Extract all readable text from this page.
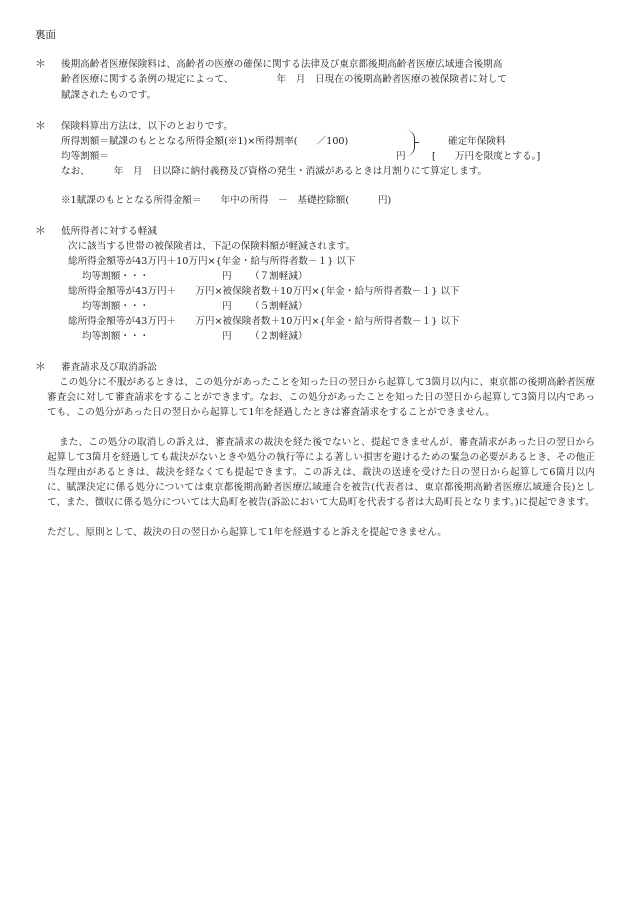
裏面
＊ 後期高齢者医療保険料は、高齢者の医療の確保に関する法律及び東京都後期高齢者医療広域連合後期高
齢者医療に関する条例の規定によって、　　　　　年　月　日現在の後期高齢者医療の被保険者に対して
賦課されたものです。
＊ 保険料算出方法は、以下のとおりです。
所得割額＝賦課のもととなる所得金額(※1)×所得割率(　　／100)	確定年保険料
均等割額＝	円	[　　万円を限度とする。]
なお、　　　年　月　日以降に納付義務及び資格の発生・消滅があるときは月割りにて算定します。
※1賦課のもととなる所得金額＝　　年中の所得　－　基礎控除額(　　　円)
＊ 低所得者に対する軽減
次に該当する世帯の被保険者は、下記の保険料額が軽減されます。
総所得金額等が43万円＋10万円×{年金・給与所得者数－１} 以下
均等割額・・・	円 （７割軽減）
総所得金額等が43万円＋　　万円×被保険者数＋10万円×{年金・給与所得者数－１} 以下
均等割額・・・	円 （５割軽減）
総所得金額等が43万円＋　　万円×被保険者数＋10万円×{年金・給与所得者数－１} 以下
均等割額・・・	円 （２割軽減）
＊ 審査請求及び取消訴訟
この処分に不服があるときは、この処分があったことを知った日の翌日から起算して3箇月以内に、東京都の後期高齢者医療審査会に対して審査請求をすることができます。なお、この処分があったことを知った日の翌日から起算して3箇月以内であっても、この処分があった日の翌日から起算して1年を経過したときは審査請求をすることができません。
また、この処分の取消しの訴えは、審査請求の裁決を経た後でないと、提起できませんが、審査請求があった日の翌日から起算して3箇月を経過しても裁決がないときや処分の執行等による著しい損害を避けるための緊急の必要があるとき、その他正当な理由があるときは、裁決を経なくても提起できます。この訴えは、裁決の送達を受けた日の翌日から起算して6箇月以内に、賦課決定に係る処分については東京都後期高齢者医療広域連合を被告(代表者は、東京都後期高齢者医療広域連合長)として、また、徴収に係る処分については大島町を被告(訴訟において大島町を代表する者は大島町長となります。)に提起できます。
ただし、原則として、裁決の日の翌日から起算して1年を経過すると訴えを提起できません。
